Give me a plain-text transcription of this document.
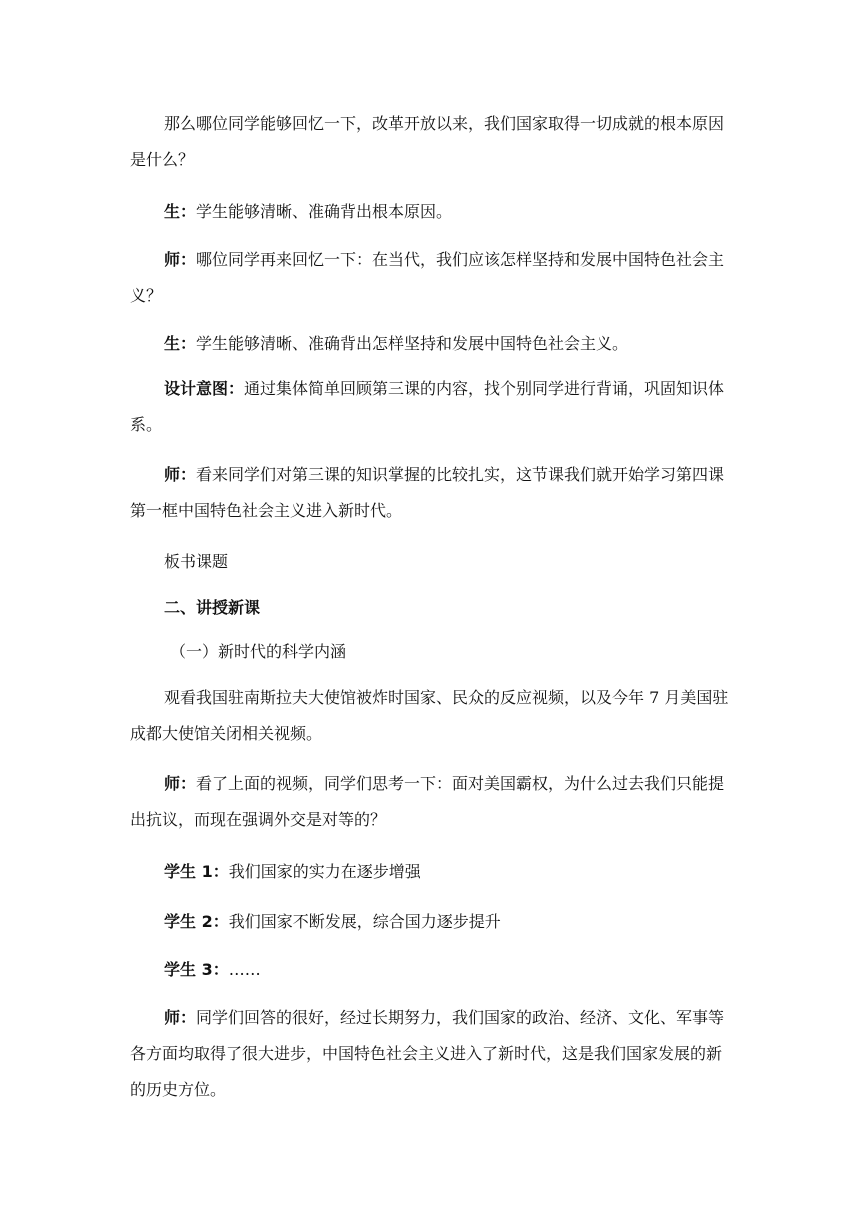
那么哪位同学能够回忆一下，改革开放以来，我们国家取得一切成就的根本原因是什么？

生：学生能够清晰、准确背出根本原因。

师：哪位同学再来回忆一下：在当代，我们应该怎样坚持和发展中国特色社会主义？

生：学生能够清晰、准确背出怎样坚持和发展中国特色社会主义。

设计意图：通过集体简单回顾第三课的内容，找个别同学进行背诵，巩固知识体系。

师：看来同学们对第三课的知识掌握的比较扎实，这节课我们就开始学习第四课第一框中国特色社会主义进入新时代。

板书课题

二、讲授新课

（一）新时代的科学内涵

观看我国驻南斯拉夫大使馆被炸时国家、民众的反应视频，以及今年 7 月美国驻成都大使馆关闭相关视频。

师：看了上面的视频，同学们思考一下：面对美国霸权，为什么过去我们只能提出抗议，而现在强调外交是对等的？

学生 1：我们国家的实力在逐步增强

学生 2：我们国家不断发展，综合国力逐步提升

学生 3：……

师：同学们回答的很好，经过长期努力，我们国家的政治、经济、文化、军事等各方面均取得了很大进步，中国特色社会主义进入了新时代，这是我们国家发展的新的历史方位。
